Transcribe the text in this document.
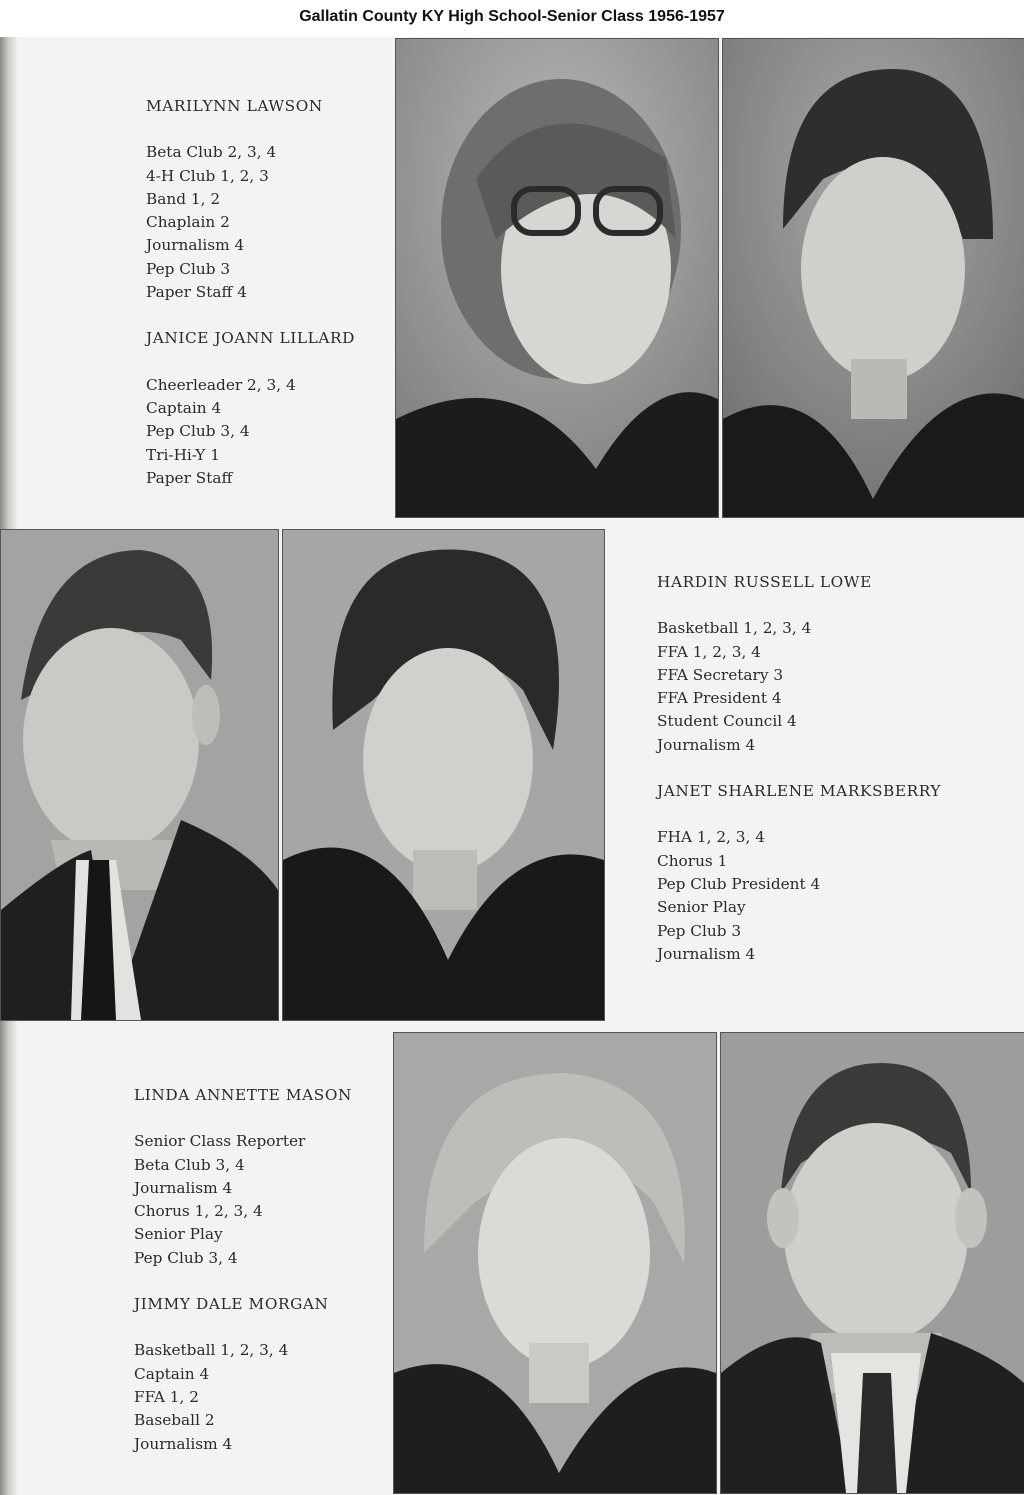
Gallatin County KY High School-Senior Class 1956-1957
MARILYNN LAWSON
Beta Club 2, 3, 4
4-H Club 1, 2, 3
Band 1, 2
Chaplain 2
Journalism 4
Pep Club 3
Paper Staff 4
JANICE JOANN LILLARD
Cheerleader 2, 3, 4
Captain 4
Pep Club 3, 4
Tri-Hi-Y 1
Paper Staff
HARDIN RUSSELL LOWE
Basketball 1, 2, 3, 4
FFA 1, 2, 3, 4
FFA Secretary 3
FFA President 4
Student Council 4
Journalism 4
JANET SHARLENE MARKSBERRY
FHA 1, 2, 3, 4
Chorus 1
Pep Club President 4
Senior Play
Pep Club 3
Journalism 4
LINDA ANNETTE MASON
Senior Class Reporter
Beta Club 3, 4
Journalism 4
Chorus 1, 2, 3, 4
Senior Play
Pep Club 3, 4
JIMMY DALE MORGAN
Basketball 1, 2, 3, 4
Captain 4
FFA 1, 2
Baseball 2
Journalism 4
